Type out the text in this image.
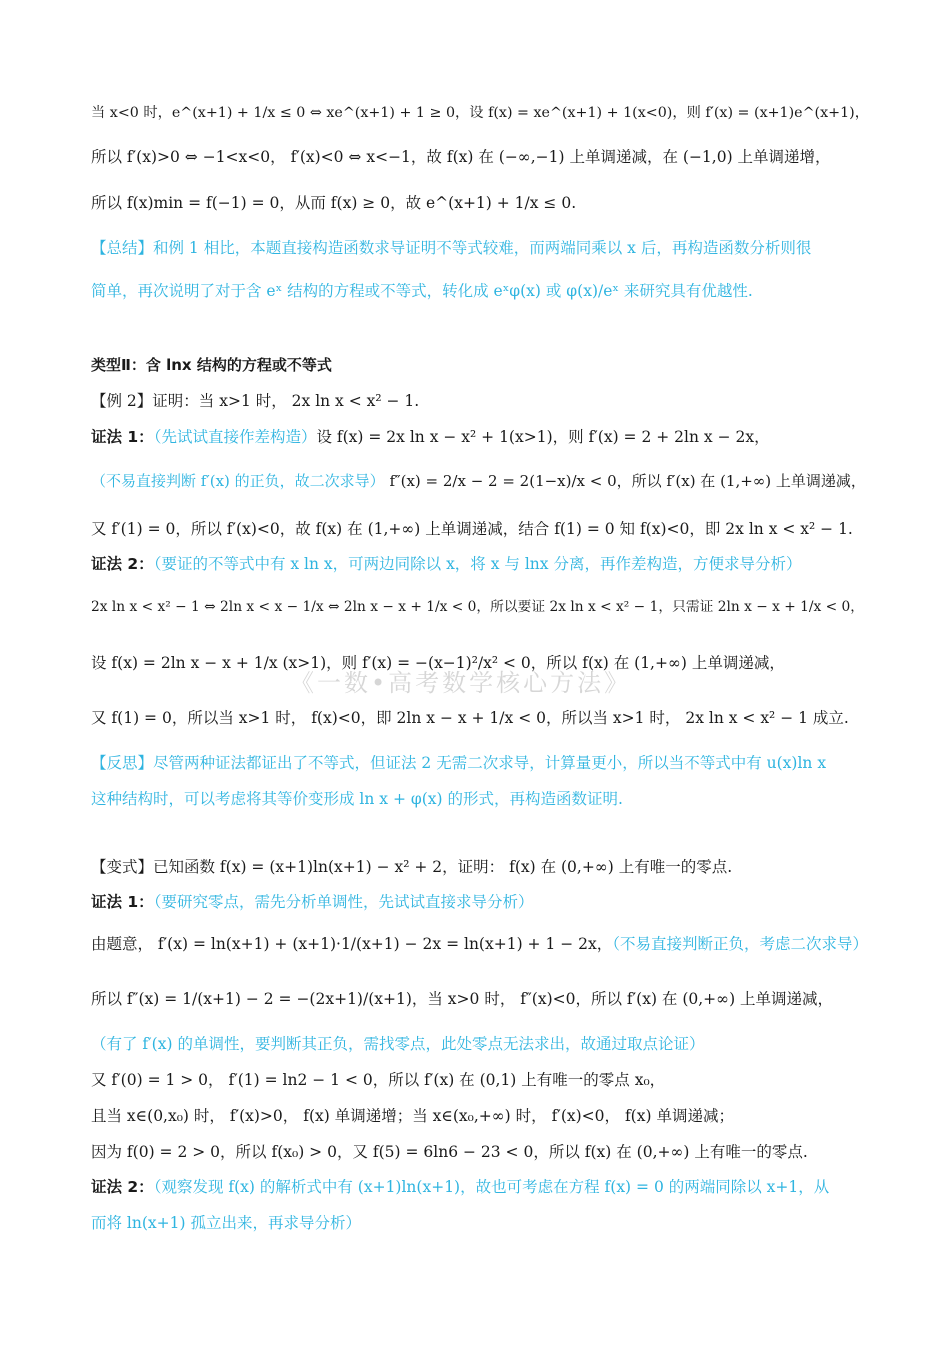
《一数•高考数学核心方法》
当 x<0 时，e^(x+1) + 1/x ≤ 0 ⇔ xe^(x+1) + 1 ≥ 0，设 f(x) = xe^(x+1) + 1(x<0)，则 f′(x) = (x+1)e^(x+1)，
所以 f′(x)>0 ⇔ −1<x<0， f′(x)<0 ⇔ x<−1，故 f(x) 在 (−∞,−1) 上单调递减，在 (−1,0) 上单调递增，
所以 f(x)min = f(−1) = 0，从而 f(x) ≥ 0，故 e^(x+1) + 1/x ≤ 0.
【总结】和例 1 相比，本题直接构造函数求导证明不等式较难，而两端同乘以 x 后，再构造函数分析则很
简单，再次说明了对于含 eˣ 结构的方程或不等式，转化成 eˣφ(x) 或 φ(x)/eˣ 来研究具有优越性.
类型Ⅱ：含 lnx 结构的方程或不等式
【例 2】证明：当 x>1 时， 2x ln x < x² − 1.
证法 1：（先试试直接作差构造）设 f(x) = 2x ln x − x² + 1(x>1)，则 f′(x) = 2 + 2ln x − 2x，
（不易直接判断 f′(x) 的正负，故二次求导） f″(x) = 2/x − 2 = 2(1−x)/x < 0，所以 f′(x) 在 (1,+∞) 上单调递减，
又 f′(1) = 0，所以 f′(x)<0，故 f(x) 在 (1,+∞) 上单调递减，结合 f(1) = 0 知 f(x)<0，即 2x ln x < x² − 1.
证法 2：（要证的不等式中有 x ln x，可两边同除以 x，将 x 与 lnx 分离，再作差构造，方便求导分析）
2x ln x < x² − 1 ⇔ 2ln x < x − 1/x ⇔ 2ln x − x + 1/x < 0，所以要证 2x ln x < x² − 1，只需证 2ln x − x + 1/x < 0，
设 f(x) = 2ln x − x + 1/x (x>1)，则 f′(x) = −(x−1)²/x² < 0，所以 f(x) 在 (1,+∞) 上单调递减，
又 f(1) = 0，所以当 x>1 时， f(x)<0，即 2ln x − x + 1/x < 0，所以当 x>1 时， 2x ln x < x² − 1 成立.
【反思】尽管两种证法都证出了不等式，但证法 2 无需二次求导，计算量更小，所以当不等式中有 u(x)ln x
这种结构时，可以考虑将其等价变形成 ln x + φ(x) 的形式，再构造函数证明.
【变式】已知函数 f(x) = (x+1)ln(x+1) − x² + 2，证明： f(x) 在 (0,+∞) 上有唯一的零点.
证法 1：（要研究零点，需先分析单调性，先试试直接求导分析）
由题意， f′(x) = ln(x+1) + (x+1)·1/(x+1) − 2x = ln(x+1) + 1 − 2x，（不易直接判断正负，考虑二次求导）
所以 f″(x) = 1/(x+1) − 2 = −(2x+1)/(x+1)，当 x>0 时， f″(x)<0，所以 f′(x) 在 (0,+∞) 上单调递减，
（有了 f′(x) 的单调性，要判断其正负，需找零点，此处零点无法求出，故通过取点论证）
又 f′(0) = 1 > 0， f′(1) = ln2 − 1 < 0，所以 f′(x) 在 (0,1) 上有唯一的零点 x₀，
且当 x∈(0,x₀) 时， f′(x)>0， f(x) 单调递增；当 x∈(x₀,+∞) 时， f′(x)<0， f(x) 单调递减；
因为 f(0) = 2 > 0，所以 f(x₀) > 0，又 f(5) = 6ln6 − 23 < 0，所以 f(x) 在 (0,+∞) 上有唯一的零点.
证法 2：（观察发现 f(x) 的解析式中有 (x+1)ln(x+1)，故也可考虑在方程 f(x) = 0 的两端同除以 x+1，从
而将 ln(x+1) 孤立出来，再求导分析）
